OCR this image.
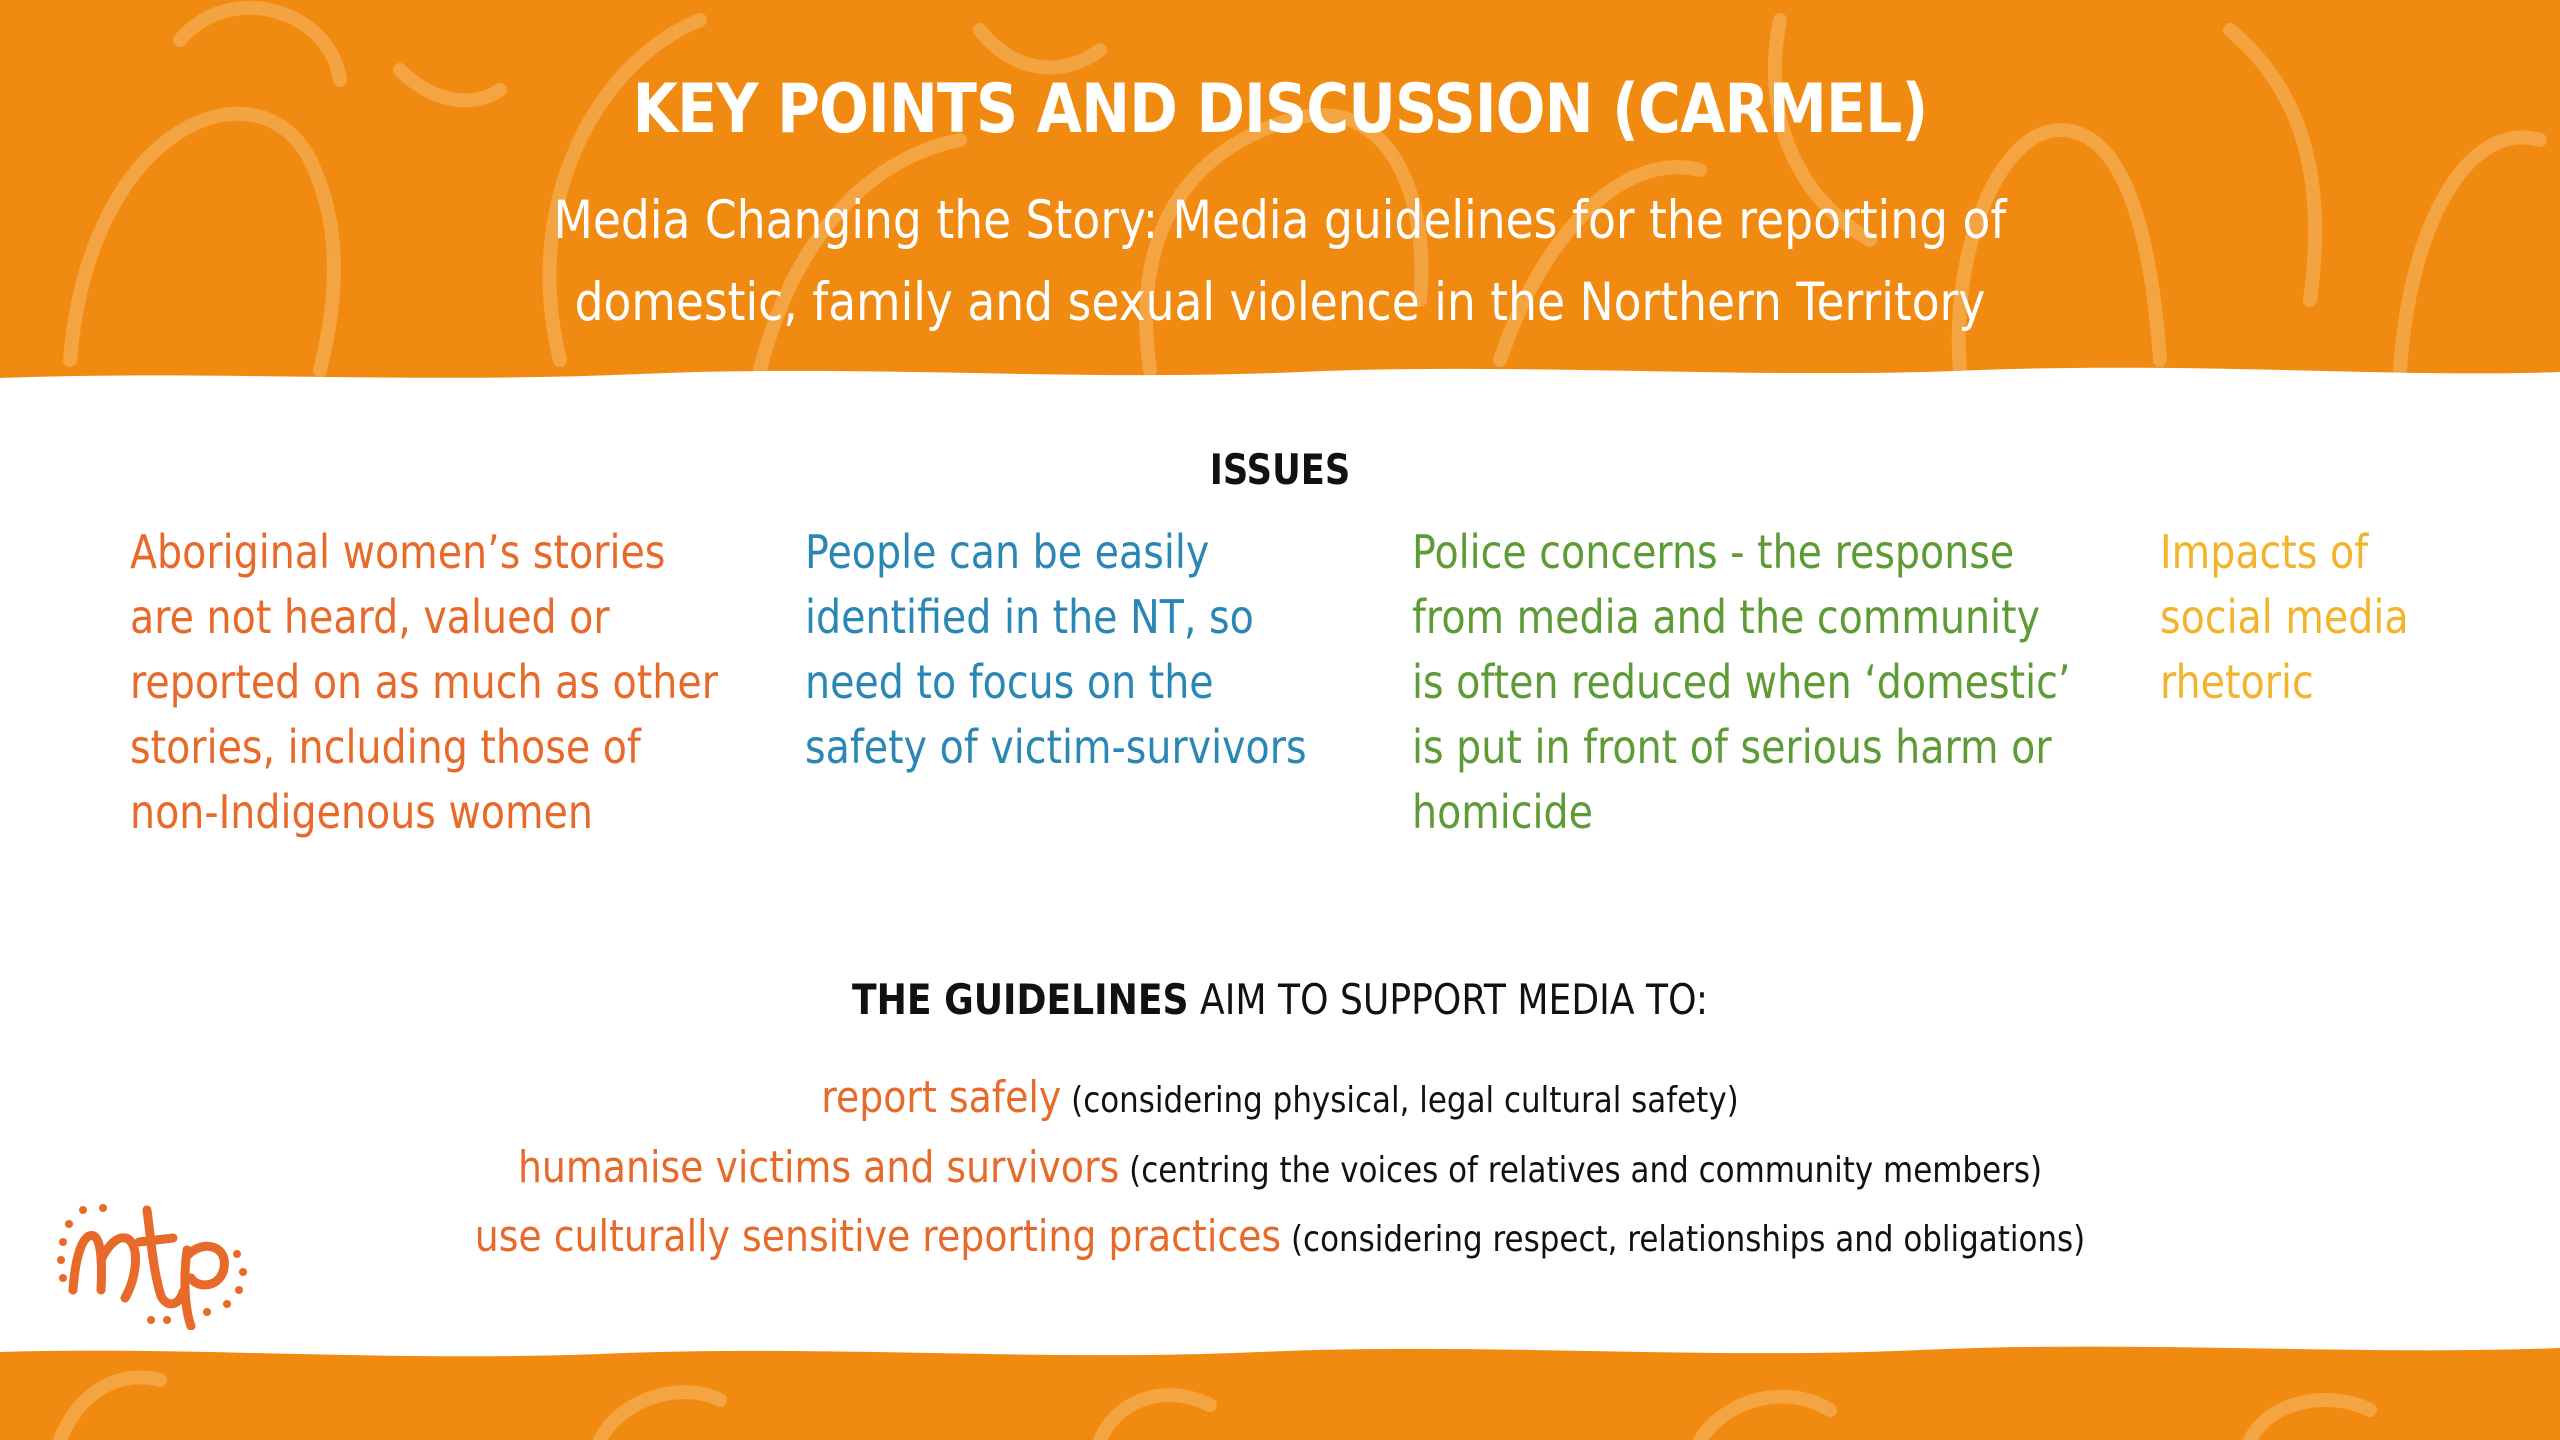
KEY POINTS AND DISCUSSION (CARMEL)
Media Changing the Story: Media guidelines for the reporting of domestic, family and sexual violence in the Northern Territory
ISSUES
Aboriginal women’s stories are not heard, valued or reported on as much as other stories, including those of non-Indigenous women
People can be easily identified in the NT, so need to focus on the safety of victim-survivors
Police concerns - the response from media and the community is often reduced when ‘domestic’ is put in front of serious harm or homicide
Impacts of social media rhetoric
THE GUIDELINES AIM TO SUPPORT MEDIA TO:
report safely (considering physical, legal cultural safety)
humanise victims and survivors (centring the voices of relatives and community members)
use culturally sensitive reporting practices (considering respect, relationships and obligations)
